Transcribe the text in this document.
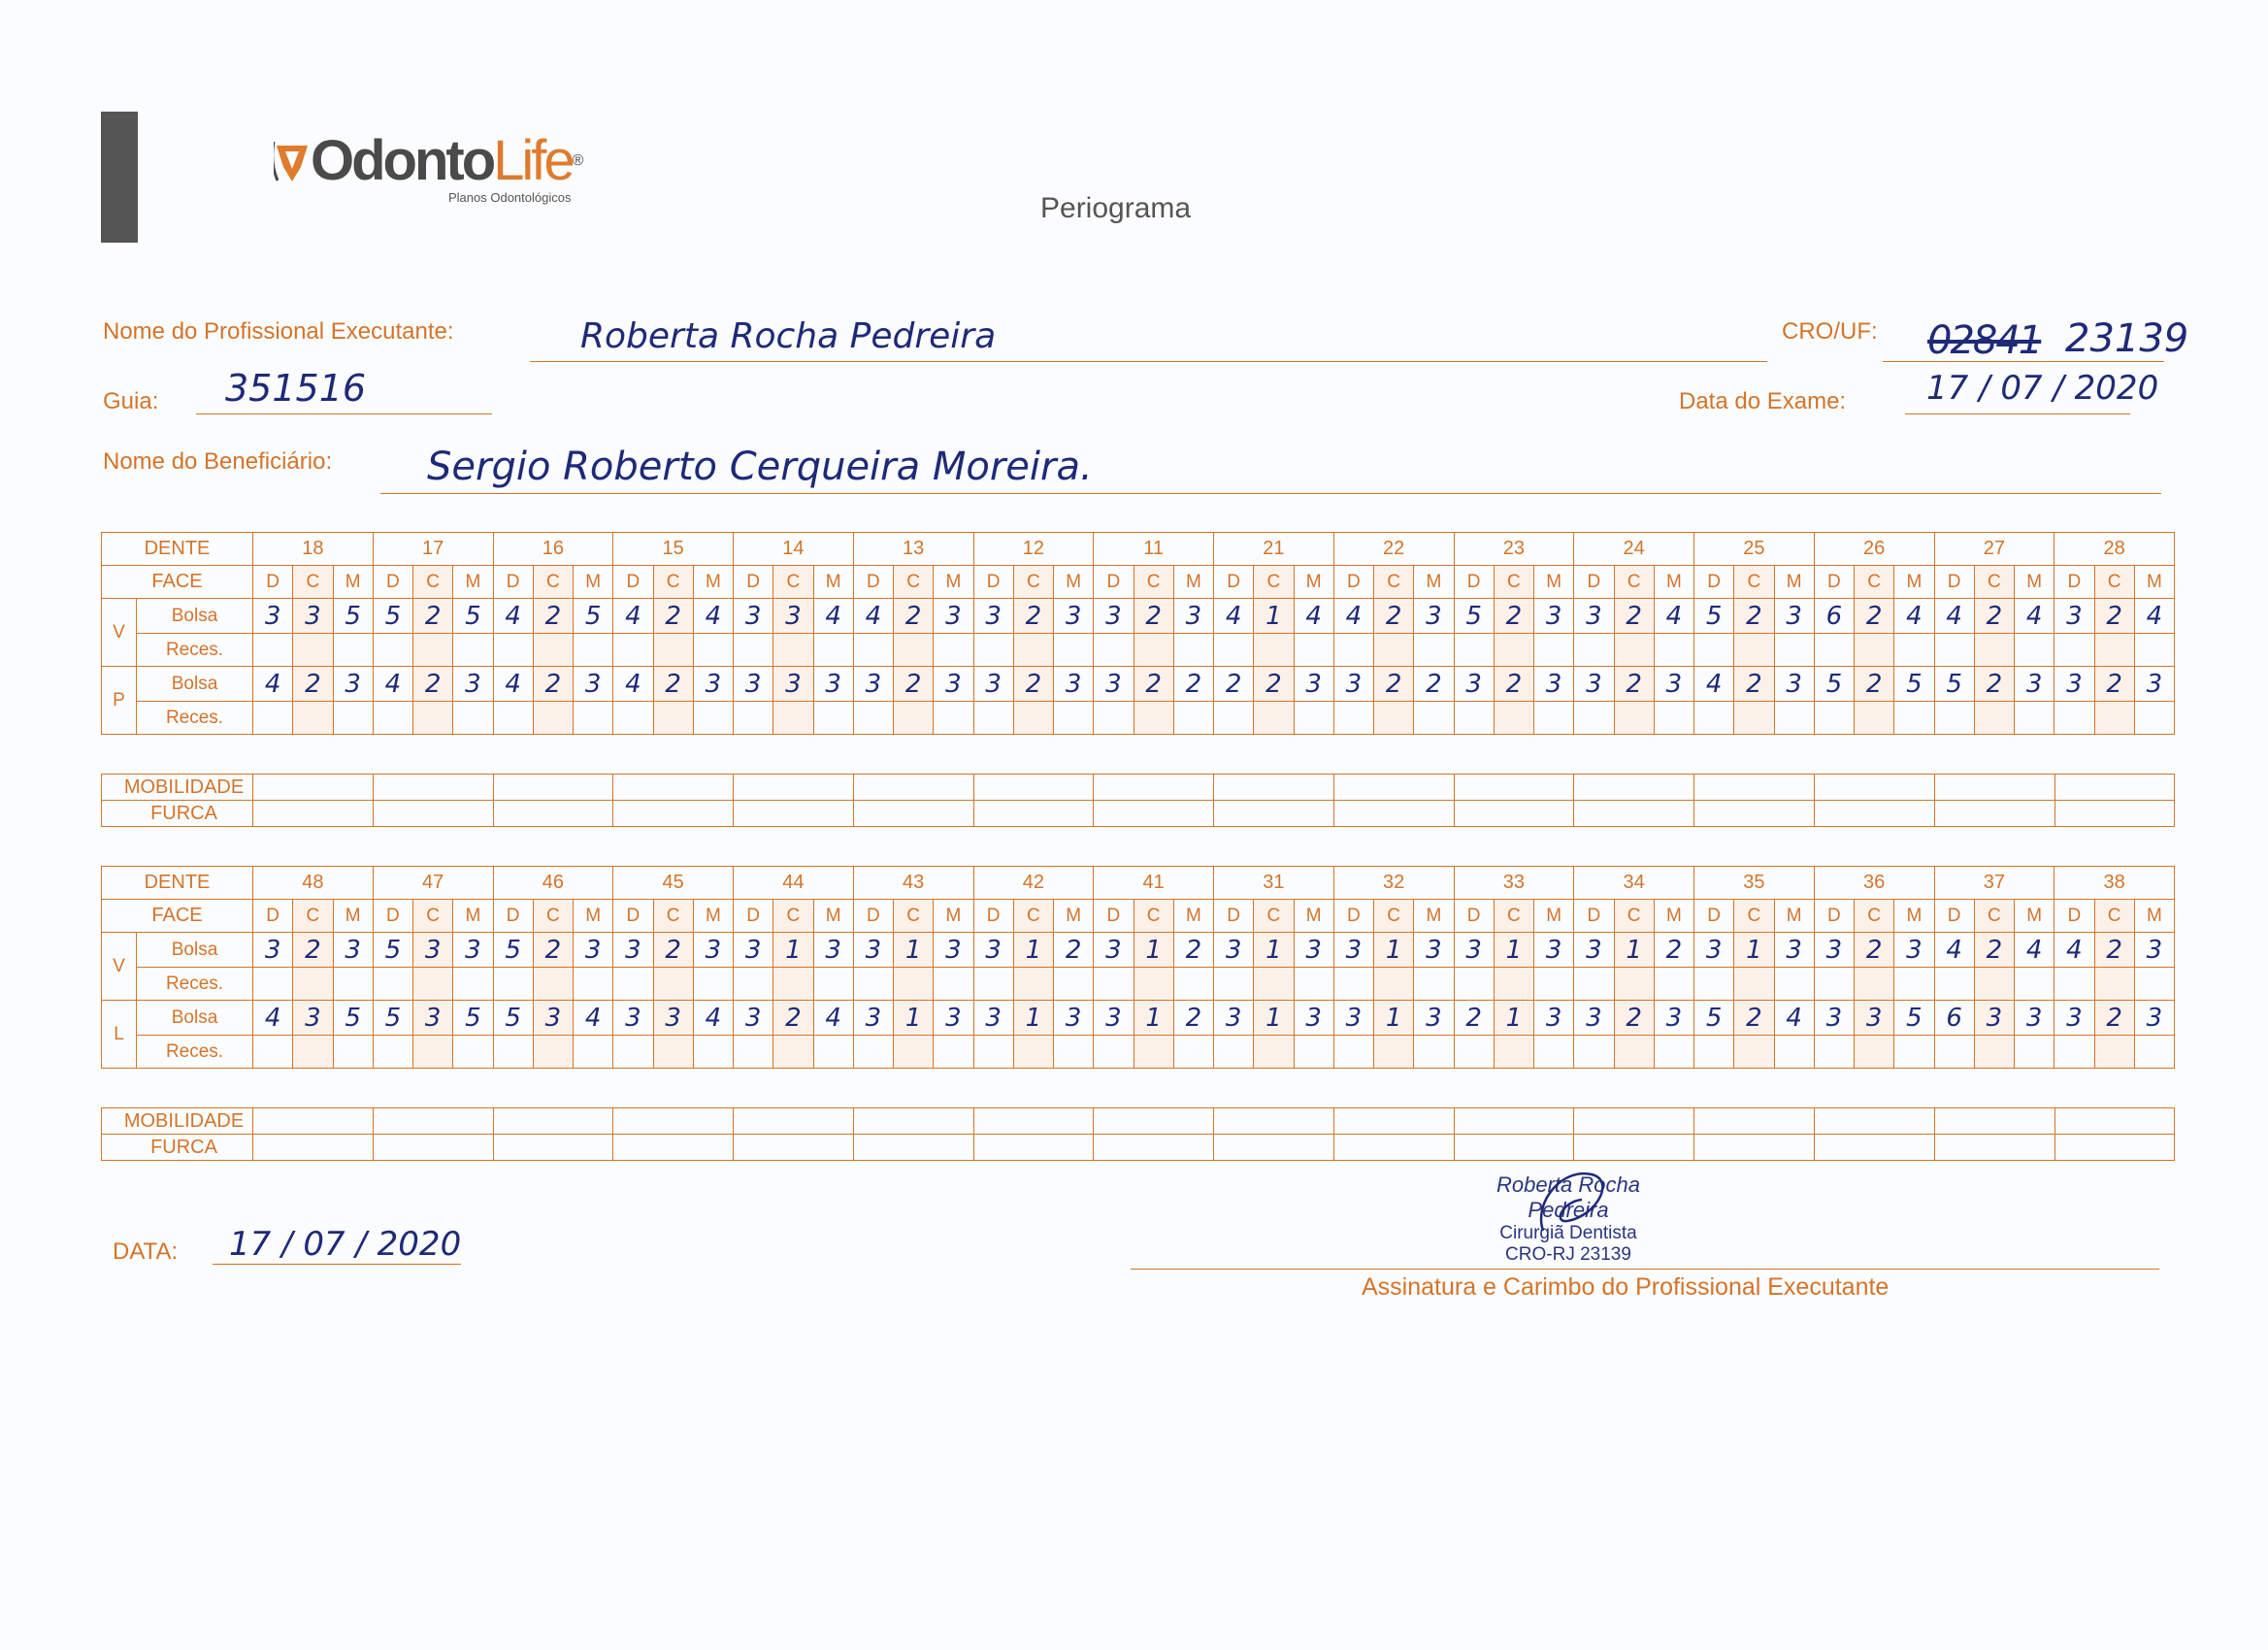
OdontoLife®
Planos Odontológicos	Periograma
Nome do Profissional Executante:	Roberta Rocha Pedreira	CRO/UF: 02841 23139
Guia: 351516	Data do Exame: 17 / 07 / 2020
Nome do Beneficiário: Sergio Roberto Cerqueira Moreira.
DENTE		18			17			16			15			14			13			12			11			21			22			23			24			25			26			27			28		
FACE		D	C	M	D	C	M	D	C	M	D	C	M	D	C	M	D	C	M	D	C	M	D	C	M	D	C	M	D	C	M	D	C	M	D	C	M	D	C	M	D	C	M	D	C	M	D	C	M
V	Bolsa	3	3	5	5	2	5	4	2	5	4	2	4	3	3	4	4	2	3	3	2	3	3	2	3	4	1	4	4	2	3	5	2	3	3	2	4	5	2	3	6	2	4	4	2	4	3	2	4
	Reces.																																																
P	Bolsa	4	2	3	4	2	3	4	2	3	4	2	3	3	3	3	3	2	3	3	2	3	3	2	2	2	2	3	3	2	2	3	2	3	3	2	3	4	2	3	5	2	5	5	2	3	3	2	3
	Reces.																																																
MOBILIDADE																
FURCA																
DENTE		48			47			46			45			44			43			42			41			31			32			33			34			35			36			37			38		
FACE		D	C	M	D	C	M	D	C	M	D	C	M	D	C	M	D	C	M	D	C	M	D	C	M	D	C	M	D	C	M	D	C	M	D	C	M	D	C	M	D	C	M	D	C	M	D	C	M
V	Bolsa	3	2	3	5	3	3	5	2	3	3	2	3	3	1	3	3	1	3	3	1	2	3	1	2	3	1	3	3	1	3	3	1	3	3	1	2	3	1	3	3	2	3	4	2	4	4	2	3
	Reces.																																																
L	Bolsa	4	3	5	5	3	5	5	3	4	3	3	4	3	2	4	3	1	3	3	1	3	3	1	2	3	1	3	3	1	3	2	1	3	3	2	3	5	2	4	3	3	5	6	3	3	3	2	3
	Reces.																																																
MOBILIDADE																
FURCA																
DATA: 17 / 07 / 2020
Roberta Rocha Pedreira
Cirurgiã Dentista
CRO-RJ 23139
Assinatura e Carimbo do Profissional Executante
